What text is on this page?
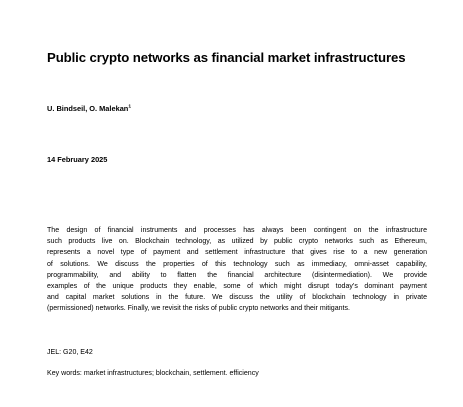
Public crypto networks as financial market infrastructures
U. Bindseil, O. Malekan$^1$
14 February 2025
The design of financial instruments and processes has always been contingent on the infrastructure
such products live on. Blockchain technology, as utilized by public crypto networks such as Ethereum,
represents a novel type of payment and settlement infrastructure that gives rise to a new generation
of solutions. We discuss the properties of this technology such as immediacy, omni-asset capability,
programmability, and ability to flatten the financial architecture (disintermediation). We provide
examples of the unique products they enable, some of which might disrupt today’s dominant payment
and capital market solutions in the future. We discuss the utility of blockchain technology in private
(permissioned) networks. Finally, we revisit the risks of public crypto networks and their mitigants.
JEL: G20, E42
Key words: market infrastructures; blockchain, settlement. efficiency
